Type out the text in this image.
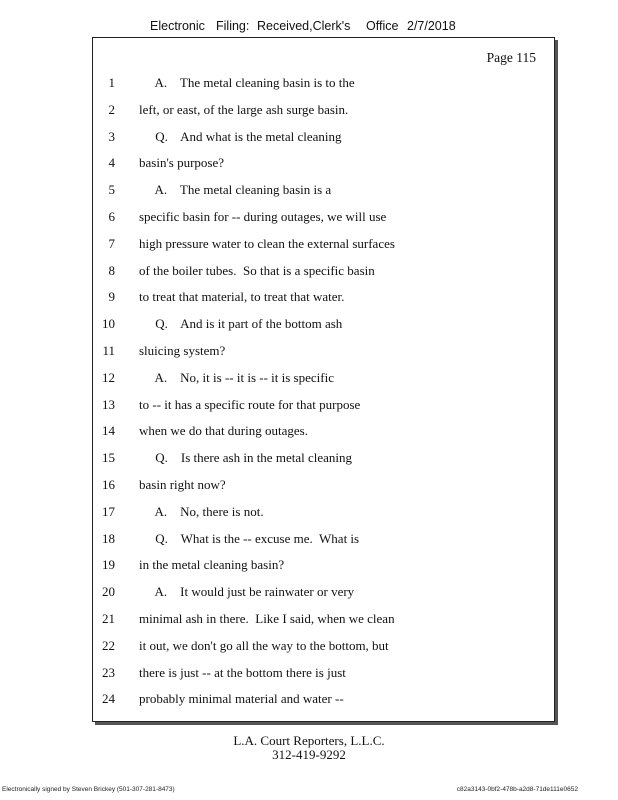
Electronic Filing: Received,Clerk's Office 2/7/2018
Page 115
1 A.    The metal cleaning basin is to the
2 left, or east, of the large ash surge basin.
3 Q.    And what is the metal cleaning
4 basin's purpose?
5 A.    The metal cleaning basin is a
6 specific basin for -- during outages, we will use
7 high pressure water to clean the external surfaces
8 of the boiler tubes.  So that is a specific basin
9 to treat that material, to treat that water.
10 Q.    And is it part of the bottom ash
11 sluicing system?
12 A.    No, it is -- it is -- it is specific
13 to -- it has a specific route for that purpose
14 when we do that during outages.
15 Q.    Is there ash in the metal cleaning
16 basin right now?
17 A.    No, there is not.
18 Q.    What is the -- excuse me.  What is
19 in the metal cleaning basin?
20 A.    It would just be rainwater or very
21 minimal ash in there.  Like I said, when we clean
22 it out, we don't go all the way to the bottom, but
23 there is just -- at the bottom there is just
24 probably minimal material and water --
L.A. Court Reporters, L.L.C.
312-419-9292
Electronically signed by Steven Brickey (501-307-281-8473)	c82a3143-0bf2-478b-a2d8-71de111e0652
